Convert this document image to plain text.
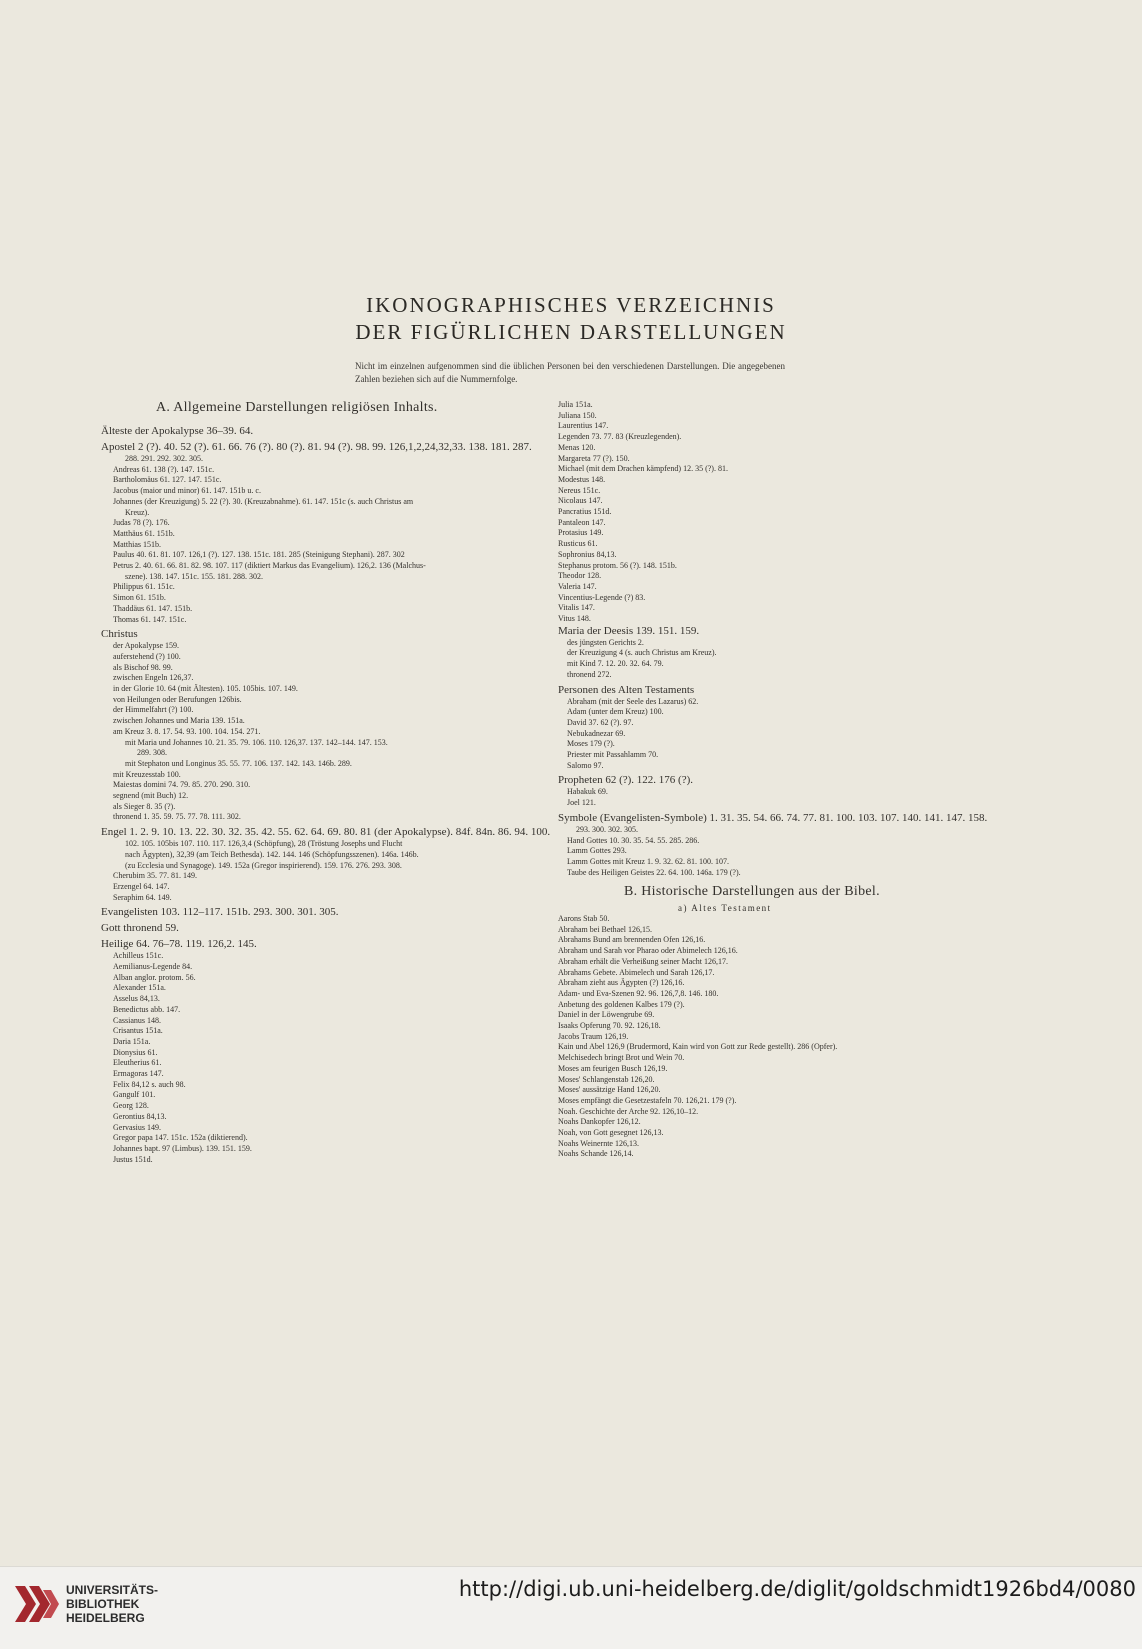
IKONOGRAPHISCHES VERZEICHNIS
DER FIGÜRLICHEN DARSTELLUNGEN
Nicht im einzelnen aufgenommen sind die üblichen Personen bei den verschiedenen Darstellungen. Die angegebenen Zahlen beziehen sich auf die Nummernfolge.
A. Allgemeine Darstellungen religiösen Inhalts.
Älteste der Apokalypse 36–39. 64.
Apostel 2 (?). 40. 52 (?). 61. 66. 76 (?). 80 (?). 81. 94 (?). 98. 99. 126,1,2,24,32,33. 138. 181. 287.
288. 291. 292. 302. 305.
Andreas 61. 138 (?). 147. 151c.
Bartholomäus 61. 127. 147. 151c.
Jacobus (maior und minor) 61. 147. 151b u. c.
Johannes (der Kreuzigung) 5. 22 (?). 30. (Kreuzabnahme). 61. 147. 151c (s. auch Christus am
Kreuz).
Judas 78 (?). 176.
Matthäus 61. 151b.
Matthias 151b.
Paulus 40. 61. 81. 107. 126,1 (?). 127. 138. 151c. 181. 285 (Steinigung Stephani). 287. 302
Petrus 2. 40. 61. 66. 81. 82. 98. 107. 117 (diktiert Markus das Evangelium). 126,2. 136 (Malchus-
szene). 138. 147. 151c. 155. 181. 288. 302.
Philippus 61. 151c.
Simon 61. 151b.
Thaddäus 61. 147. 151b.
Thomas 61. 147. 151c.
Christus
der Apokalypse 159.
auferstehend (?) 100.
als Bischof 98. 99.
zwischen Engeln 126,37.
in der Glorie 10. 64 (mit Ältesten). 105. 105bis. 107. 149.
von Heilungen oder Berufungen 126bis.
der Himmelfahrt (?) 100.
zwischen Johannes und Maria 139. 151a.
am Kreuz 3. 8. 17. 54. 93. 100. 104. 154. 271.
mit Maria und Johannes 10. 21. 35. 79. 106. 110. 126,37. 137. 142–144. 147. 153.
289. 308.
mit Stephaton und Longinus 35. 55. 77. 106. 137. 142. 143. 146b. 289.
mit Kreuzesstab 100.
Maiestas domini 74. 79. 85. 270. 290. 310.
segnend (mit Buch) 12.
als Sieger 8. 35 (?).
thronend 1. 35. 59. 75. 77. 78. 111. 302.
Engel 1. 2. 9. 10. 13. 22. 30. 32. 35. 42. 55. 62. 64. 69. 80. 81 (der Apokalypse). 84f. 84n. 86. 94. 100.
102. 105. 105bis 107. 110. 117. 126,3,4 (Schöpfung), 28 (Tröstung Josephs und Flucht
nach Ägypten), 32,39 (am Teich Bethesda). 142. 144. 146 (Schöpfungsszenen). 146a. 146b.
(zu Ecclesia und Synagoge). 149. 152a (Gregor inspirierend). 159. 176. 276. 293. 308.
Cherubim 35. 77. 81. 149.
Erzengel 64. 147.
Seraphim 64. 149.
Evangelisten 103. 112–117. 151b. 293. 300. 301. 305.
Gott thronend 59.
Heilige 64. 76–78. 119. 126,2. 145.
Achilleus 151c.
Aemilianus-Legende 84.
Alban anglor. protom. 56.
Alexander 151a.
Asselus 84,13.
Benedictus abb. 147.
Cassianus 148.
Crisantus 151a.
Daria 151a.
Dionysius 61.
Eleutherius 61.
Ermagoras 147.
Felix 84,12 s. auch 98.
Gangulf 101.
Georg 128.
Gerontius 84,13.
Gervasius 149.
Gregor papa 147. 151c. 152a (diktierend).
Johannes bapt. 97 (Limbus). 139. 151. 159.
Justus 151d.
Julia 151a.
Juliana 150.
Laurentius 147.
Legenden 73. 77. 83 (Kreuzlegenden).
Menas 120.
Margareta 77 (?). 150.
Michael (mit dem Drachen kämpfend) 12. 35 (?). 81.
Modestus 148.
Nereus 151c.
Nicolaus 147.
Pancratius 151d.
Pantaleon 147.
Protasius 149.
Rusticus 61.
Sophronius 84,13.
Stephanus protom. 56 (?). 148. 151b.
Theodor 128.
Valeria 147.
Vincentius-Legende (?) 83.
Vitalis 147.
Vitus 148.
Maria der Deesis 139. 151. 159.
des jüngsten Gerichts 2.
der Kreuzigung 4 (s. auch Christus am Kreuz).
mit Kind 7. 12. 20. 32. 64. 79.
thronend 272.
Personen des Alten Testaments
Abraham (mit der Seele des Lazarus) 62.
Adam (unter dem Kreuz) 100.
David 37. 62 (?). 97.
Nebukadnezar 69.
Moses 179 (?).
Priester mit Passahlamm 70.
Salomo 97.
Propheten 62 (?). 122. 176 (?).
Habakuk 69.
Joel 121.
Symbole (Evangelisten-Symbole) 1. 31. 35. 54. 66. 74. 77. 81. 100. 103. 107. 140. 141. 147. 158.
293. 300. 302. 305.
Hand Gottes 10. 30. 35. 54. 55. 285. 286.
Lamm Gottes 293.
Lamm Gottes mit Kreuz 1. 9. 32. 62. 81. 100. 107.
Taube des Heiligen Geistes 22. 64. 100. 146a. 179 (?).
B. Historische Darstellungen aus der Bibel.
a) Altes Testament
Aarons Stab 50.
Abraham bei Bethael 126,15.
Abrahams Bund am brennenden Ofen 126,16.
Abraham und Sarah vor Pharao oder Abimelech 126,16.
Abraham erhält die Verheißung seiner Macht 126,17.
Abrahams Gebete. Abimelech und Sarah 126,17.
Abraham zieht aus Ägypten (?) 126,16.
Adam- und Eva-Szenen 92. 96. 126,7,8. 146. 180.
Anbetung des goldenen Kalbes 179 (?).
Daniel in der Löwengrube 69.
Isaaks Opferung 70. 92. 126,18.
Jacobs Traum 126,19.
Kain und Abel 126,9 (Brudermord, Kain wird von Gott zur Rede gestellt). 286 (Opfer).
Melchisedech bringt Brot und Wein 70.
Moses am feurigen Busch 126,19.
Moses' Schlangenstab 126,20.
Moses' aussätzige Hand 126,20.
Moses empfängt die Gesetzestafeln 70. 126,21. 179 (?).
Noah. Geschichte der Arche 92. 126,10–12.
Noahs Dankopfer 126,12.
Noah, von Gott gesegnet 126,13.
Noahs Weinernte 126,13.
Noahs Schande 126,14.
UNIVERSITÄTS-
BIBLIOTHEK
HEIDELBERG
http://digi.ub.uni-heidelberg.de/diglit/goldschmidt1926bd4/0080
